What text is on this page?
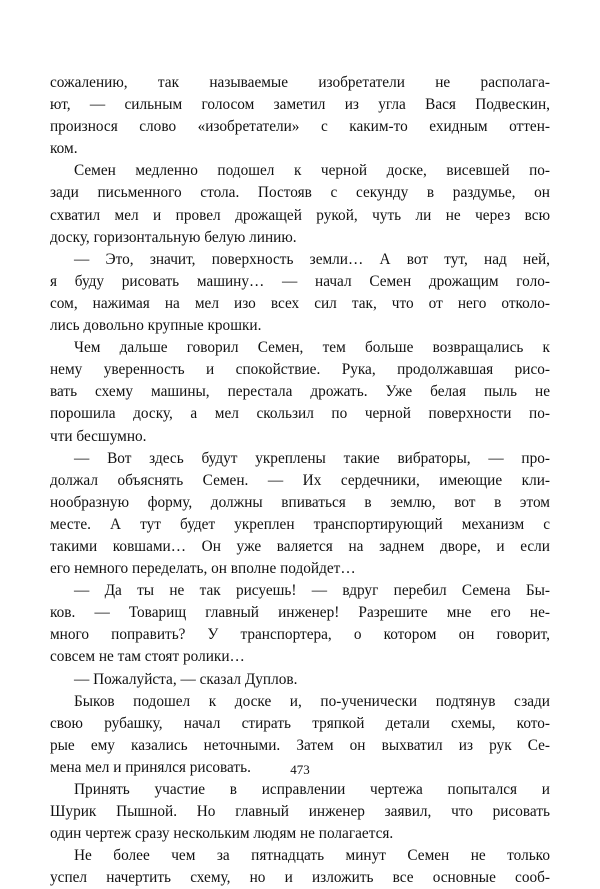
сожалению, так называемые изобретатели не располага-
ют, — сильным голосом заметил из угла Вася Подвескин,
произнося слово «изобретатели» с каким-то ехидным оттен-
ком.
Семен медленно подошел к черной доске, висевшей по-
зади письменного стола. Постояв с секунду в раздумье, он
схватил мел и провел дрожащей рукой, чуть ли не через всю
доску, горизонтальную белую линию.
— Это, значит, поверхность земли… А вот тут, над ней,
я буду рисовать машину… — начал Семен дрожащим голо-
сом, нажимая на мел изо всех сил так, что от него отколо-
лись довольно крупные крошки.
Чем дальше говорил Семен, тем больше возвращались к
нему уверенность и спокойствие. Рука, продолжавшая рисо-
вать схему машины, перестала дрожать. Уже белая пыль не
порошила доску, а мел скользил по черной поверхности по-
чти бесшумно.
— Вот здесь будут укреплены такие вибраторы, — про-
должал объяснять Семен. — Их сердечники, имеющие кли-
нообразную форму, должны впиваться в землю, вот в этом
месте. А тут будет укреплен транспортирующий механизм с
такими ковшами… Он уже валяется на заднем дворе, и если
его немного переделать, он вполне подойдет…
— Да ты не так рисуешь! — вдруг перебил Семена Бы-
ков. — Товарищ главный инженер! Разрешите мне его не-
много поправить? У транспортера, о котором он говорит,
совсем не там стоят ролики…
— Пожалуйста, — сказал Дуплов.
Быков подошел к доске и, по-ученически подтянув сзади
свою рубашку, начал стирать тряпкой детали схемы, кото-
рые ему казались неточными. Затем он выхватил из рук Се-
мена мел и принялся рисовать.
Принять участие в исправлении чертежа попытался и
Шурик Пышной. Но главный инженер заявил, что рисовать
один чертеж сразу нескольким людям не полагается.
Не более чем за пятнадцать минут Семен не только
успел начертить схему, но и изложить все основные сооб-
473
